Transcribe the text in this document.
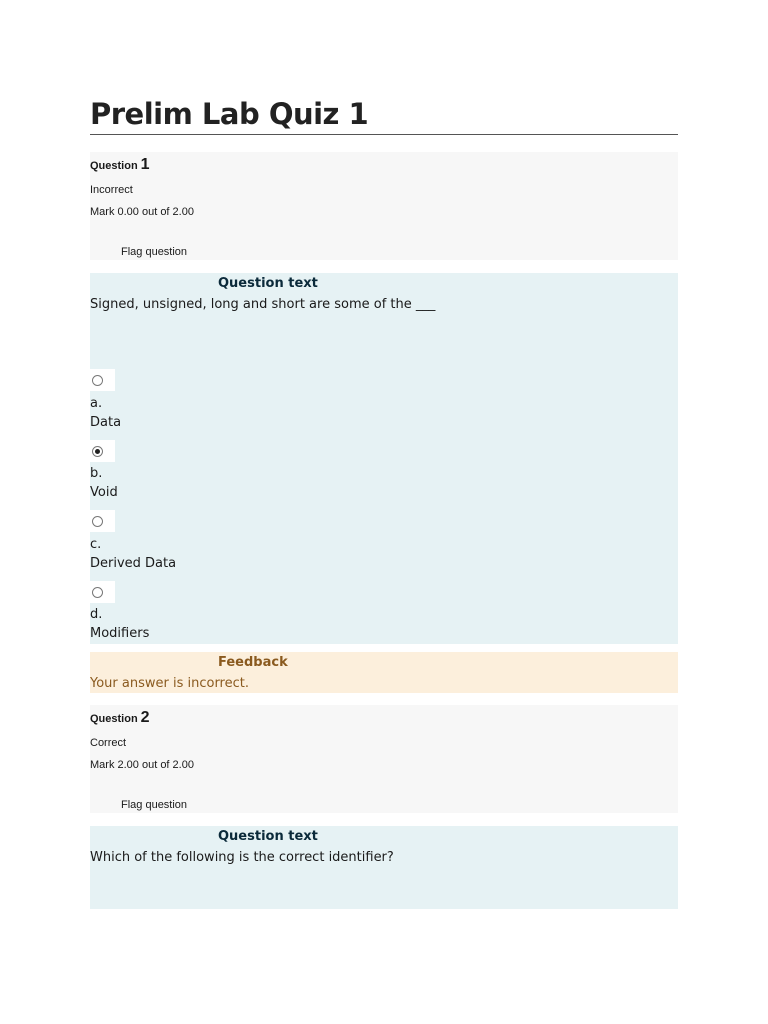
Prelim Lab Quiz 1
Question 1
Incorrect
Mark 0.00 out of 2.00
Flag question
Question text
Signed, unsigned, long and short are some of the ___
a.
Data
b.
Void
c.
Derived Data
d.
Modifiers
Feedback
Your answer is incorrect.
Question 2
Correct
Mark 2.00 out of 2.00
Flag question
Question text
Which of the following is the correct identifier?
